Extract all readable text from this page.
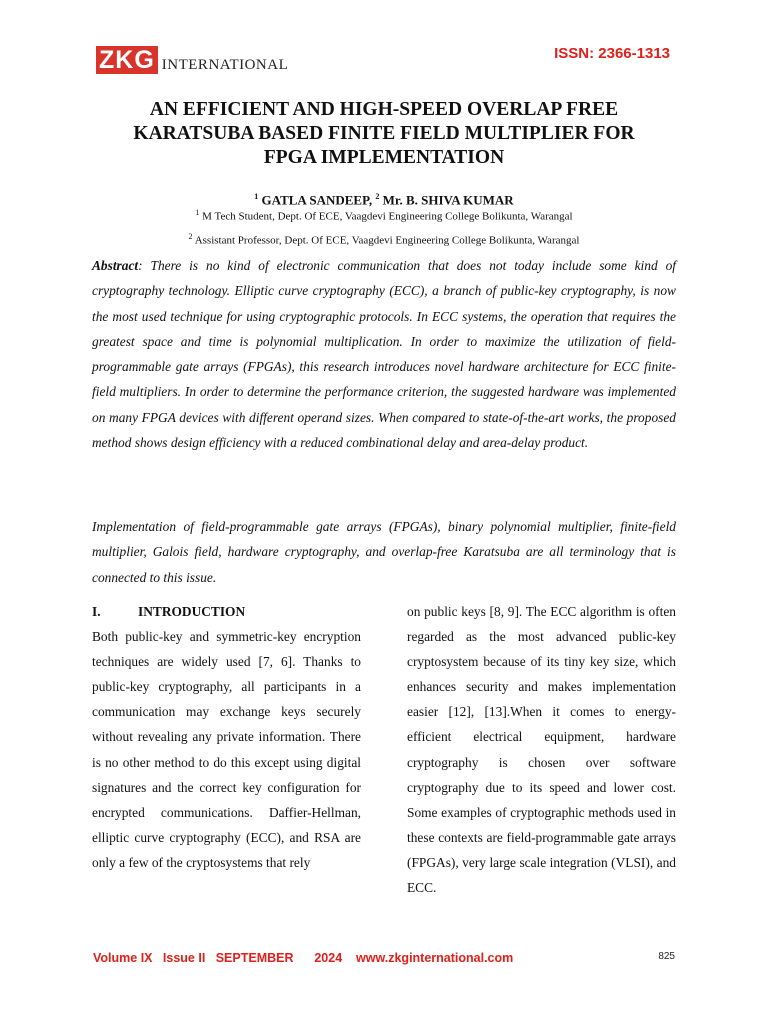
ZKG INTERNATIONAL
ISSN: 2366-1313
AN EFFICIENT AND HIGH-SPEED OVERLAP FREE
KARATSUBA BASED FINITE FIELD MULTIPLIER FOR
FPGA IMPLEMENTATION
$^1$ GATLA SANDEEP, $^2$ Mr. B. SHIVA KUMAR
$^1$ M Tech Student, Dept. Of ECE, Vaagdevi Engineering College Bolikunta, Warangal
$^2$ Assistant Professor, Dept. Of ECE, Vaagdevi Engineering College Bolikunta, Warangal
Abstract: There is no kind of electronic communication that does not today include some kind of cryptography technology. Elliptic curve cryptography (ECC), a branch of public-key cryptography, is now the most used technique for using cryptographic protocols. In ECC systems, the operation that requires the greatest space and time is polynomial multiplication. In order to maximize the utilization of field-programmable gate arrays (FPGAs), this research introduces novel hardware architecture for ECC finite-field multipliers. In order to determine the performance criterion, the suggested hardware was implemented on many FPGA devices with different operand sizes. When compared to state-of-the-art works, the proposed method shows design efficiency with a reduced combinational delay and area-delay product.
Implementation of field-programmable gate arrays (FPGAs), binary polynomial multiplier, finite-field multiplier, Galois field, hardware cryptography, and overlap-free Karatsuba are all terminology that is connected to this issue.
I.	INTRODUCTION
Both public-key and symmetric-key encryption techniques are widely used [7, 6]. Thanks to public-key cryptography, all participants in a communication may exchange keys securely without revealing any private information. There is no other method to do this except using digital signatures and the correct key configuration for encrypted communications. Daffier-Hellman, elliptic curve cryptography (ECC), and RSA are only a few of the cryptosystems that rely
on public keys [8, 9]. The ECC algorithm is often regarded as the most advanced public-key cryptosystem because of its tiny key size, which enhances security and makes implementation easier [12], [13].When it comes to energy-efficient electrical equipment, hardware cryptography is chosen over software cryptography due to its speed and lower cost. Some examples of cryptographic methods used in these contexts are field-programmable gate arrays (FPGAs), very large scale integration (VLSI), and ECC.
Volume IX   Issue II   SEPTEMBER      2024    www.zkginternational.com	825
